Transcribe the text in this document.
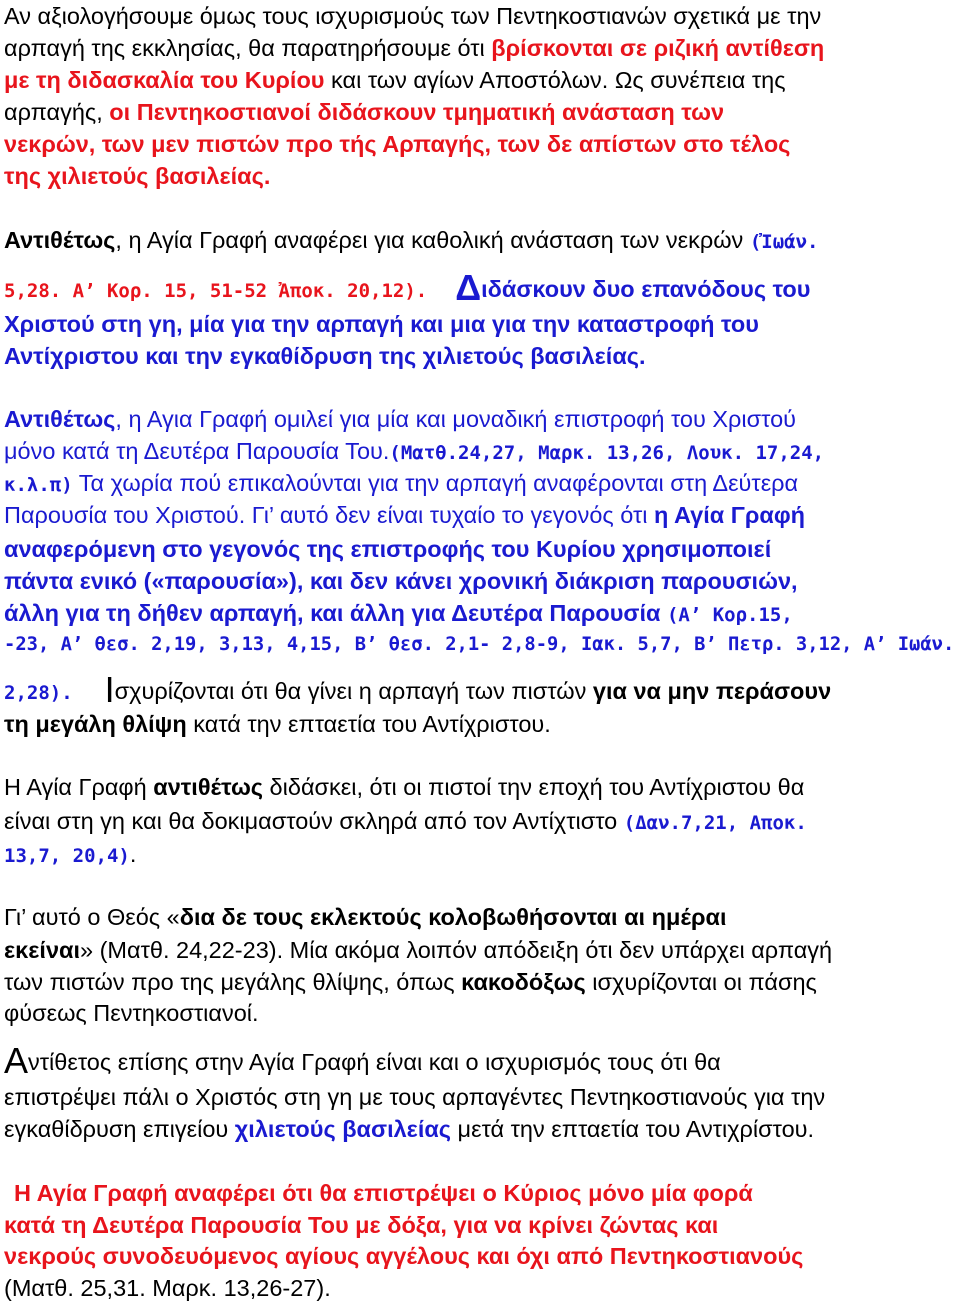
Αν αξιολογήσουμε όμως τους ισχυρισμούς των Πεντηκοστιανών σχετικά με την
αρπαγή της εκκλησίας, θα παρατηρήσουμε ότι βρίσκονται σε ριζική αντίθεση
με τη διδασκαλία του Κυρίου και των αγίων Αποστόλων. Ως συνέπεια της
αρπαγής, οι Πεντηκοστιανοί διδάσκουν τμηματική ανάσταση των
νεκρών, των μεν πιστών προ τής Αρπαγής, των δε απίστων στο τέλος
της χιλιετούς βασιλείας.
Αντιθέτως, η Αγία Γραφή αναφέρει για καθολική ανάσταση των νεκρών (Ἰωάν.
5,28. Α’ Κορ. 15, 51-52 Ἀποκ. 20,12). Διδάσκουν δυο επανόδους του
Χριστού στη γη, μία για την αρπαγή και μια για την καταστροφή του
Αντίχριστου και την εγκαθίδρυση της χιλιετούς βασιλείας.
Αντιθέτως, η Αγια Γραφή ομιλεί για μία και μοναδική επιστροφή του Χριστού
μόνο κατά τη Δευτέρα Παρουσία Του.(Ματθ.24,27, Μαρκ. 13,26, Λουκ. 17,24,
κ.λ.π) Τα χωρία πού επικαλούνται για την αρπαγή αναφέρονται στη Δεύτερα
Παρουσία του Χριστού. Γι’ αυτό δεν είναι τυχαίο το γεγονός ότι η Αγία Γραφή
αναφερόμενη στο γεγονός της επιστροφής του Κυρίου χρησιμοποιεί
πάντα ενικό («παρουσία»), και δεν κάνει χρονική διάκριση παρουσιών,
άλλη για τη δήθεν αρπαγή, και άλλη για Δευτέρα Παρουσία (Α’ Κορ.15,
-23, Α’ θεσ. 2,19, 3,13, 4,15, Β’ θεσ. 2,1- 2,8-9, Ιακ. 5,7, Β’ Πετρ. 3,12, Α’ Ιωάν.
2,28). Ισχυρίζονται ότι θα γίνει η αρπαγή των πιστών για να μην περάσουν
τη μεγάλη θλίψη κατά την επταετία του Αντίχριστου.
Η Αγία Γραφή αντιθέτως διδάσκει, ότι οι πιστοί την εποχή του Αντίχριστου θα
είναι στη γη και θα δοκιμαστούν σκληρά από τον Αντίχτιστο (Δαν.7,21, Αποκ.
13,7, 20,4).
Γι’ αυτό ο Θεός «δια δε τους εκλεκτούς κολοβωθήσονται αι ημέραι
εκείναι» (Ματθ. 24,22-23). Μία ακόμα λοιπόν απόδειξη ότι δεν υπάρχει αρπαγή
των πιστών προ της μεγάλης θλίψης, όπως κακοδόξως ισχυρίζονται οι πάσης
φύσεως Πεντηκοστιανοί.
Αντίθετος επίσης στην Αγία Γραφή είναι και ο ισχυρισμός τους ότι θα
επιστρέψει πάλι ο Χριστός στη γη με τους αρπαγέντες Πεντηκοστιανούς για την
εγκαθίδρυση επιγείου χιλιετούς βασιλείας μετά την επταετία του Αντιχρίστου.
Η Αγία Γραφή αναφέρει ότι θα επιστρέψει ο Κύριος μόνο μία φορά
κατά τη Δευτέρα Παρουσία Του με δόξα, για να κρίνει ζώντας και
νεκρούς συνοδευόμενος αγίους αγγέλους και όχι από Πεντηκοστιανούς
(Ματθ. 25,31. Μαρκ. 13,26-27).
